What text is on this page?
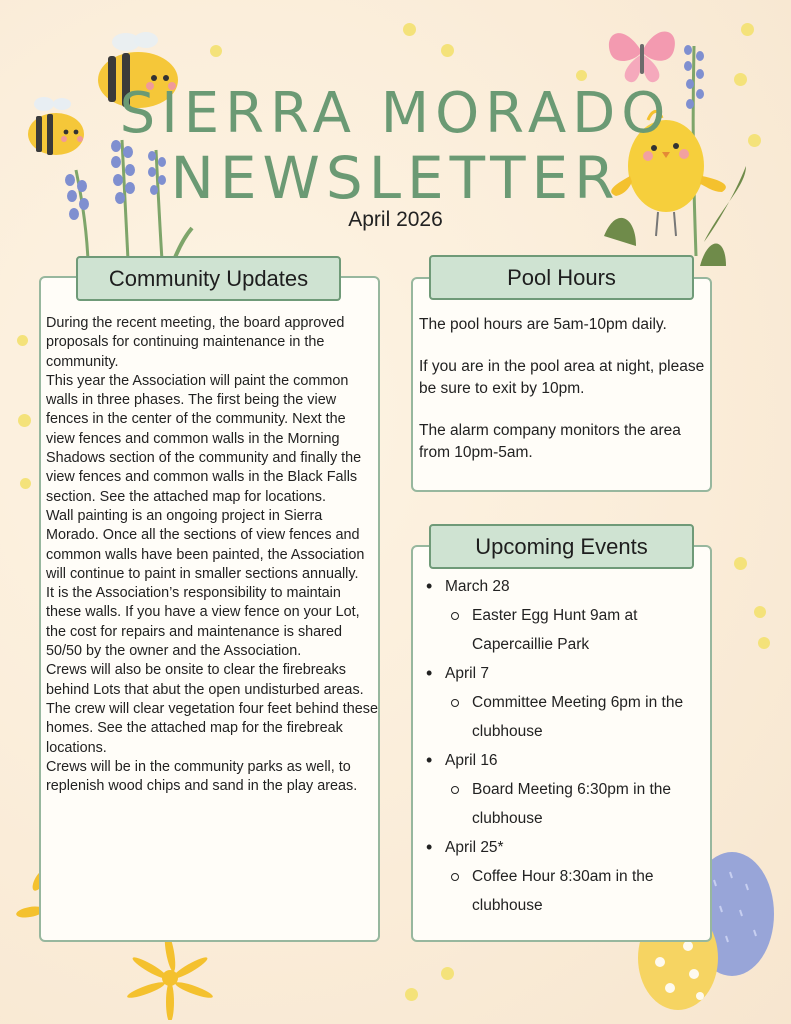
SIERRA MORADO
NEWSLETTER
April 2026
Community Updates

During the recent meeting, the board approved proposals for continuing maintenance in the community.

This year the Association will paint the common walls in three phases. The first being the view fences in the center of the community. Next the view fences and common walls in the Morning Shadows section of the community and finally the view fences and common walls in the Black Falls section. See the attached map for locations.

Wall painting is an ongoing project in Sierra Morado. Once all the sections of view fences and common walls have been painted, the Association will continue to paint in smaller sections annually.

It is the Association’s responsibility to maintain these walls. If you have a view fence on your Lot, the cost for repairs and maintenance is shared 50/50 by the owner and the Association.

Crews will also be onsite to clear the firebreaks behind Lots that abut the open undisturbed areas. The crew will clear vegetation four feet behind these homes. See the attached map for the firebreak locations.

Crews will be in the community parks as well, to replenish wood chips and sand in the play areas.

Pool Hours

The pool hours are 5am-10pm daily.

If you are in the pool area at night, please be sure to exit by 10pm.

The alarm company monitors the area from 10pm-5am.

Upcoming Events
• March 28
Easter Egg Hunt 9am at Capercaillie Park
• April 7
Committee Meeting 6pm in the clubhouse
• April 16
Board Meeting 6:30pm in the clubhouse
• April 25*
Coffee Hour 8:30am in the clubhouse
